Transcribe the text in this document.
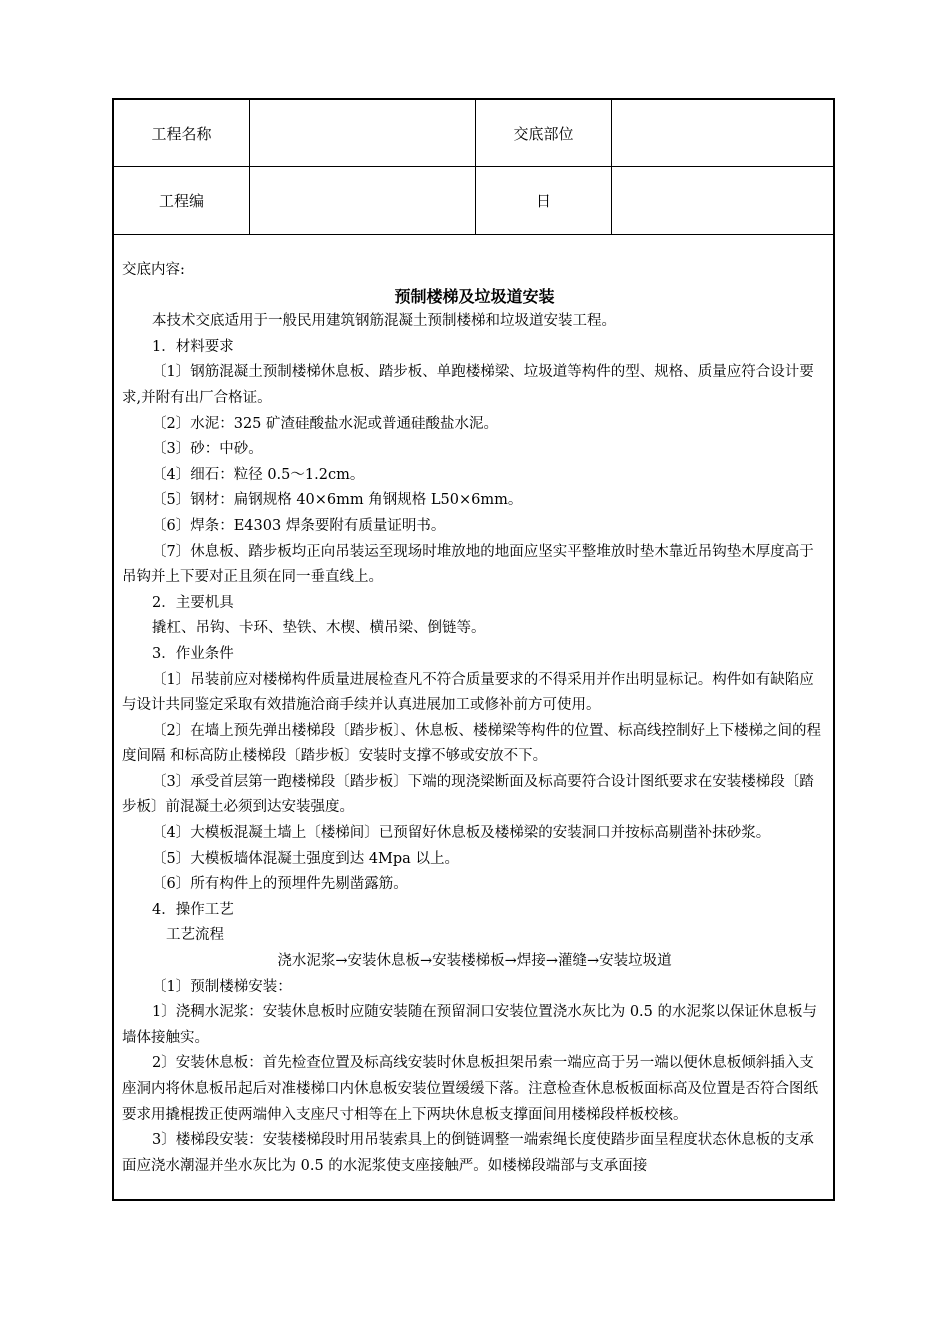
工程名称	交底部位
工程编	日

交底内容:

预制楼梯及垃圾道安装

本技术交底适用于一般民用建筑钢筋混凝土预制楼梯和垃圾道安装工程。

1．材料要求

〔1〕钢筋混凝土预制楼梯休息板、踏步板、单跑楼梯梁、垃圾道等构件的型、规格、质量应符合设计要求,并附有出厂合格证。

〔2〕水泥：325 矿渣硅酸盐水泥或普通硅酸盐水泥。

〔3〕砂：中砂。

〔4〕细石：粒径 0.5～1.2cm。

〔5〕钢材：扁钢规格 40×6mm 角钢规格 L50×6mm。

〔6〕焊条：E4303 焊条要附有质量证明书。

〔7〕休息板、踏步板均正向吊装运至现场时堆放地的地面应坚实平整堆放时垫木靠近吊钩垫木厚度高于吊钩并上下要对正且须在同一垂直线上。

2．主要机具

撬杠、吊钩、卡环、垫铁、木楔、横吊梁、倒链等。

3．作业条件

〔1〕吊装前应对楼梯构件质量进展检查凡不符合质量要求的不得采用并作出明显标记。构件如有缺陷应与设计共同鉴定采取有效措施洽商手续并认真进展加工或修补前方可使用。

〔2〕在墙上预先弹出楼梯段〔踏步板〕、休息板、楼梯梁等构件的位置、标高线控制好上下楼梯之间的程度间隔 和标高防止楼梯段〔踏步板〕安装时支撑不够或安放不下。

〔3〕承受首层第一跑楼梯段〔踏步板〕下端的现浇梁断面及标高要符合设计图纸要求在安装楼梯段〔踏步板〕前混凝土必须到达安装强度。

〔4〕大模板混凝土墙上〔楼梯间〕已预留好休息板及楼梯梁的安装洞口并按标高剔凿补抹砂浆。

〔5〕大模板墙体混凝土强度到达 4Mpa 以上。

〔6〕所有构件上的预埋件先剔凿露筋。

4．操作工艺

工艺流程

浇水泥浆→安装休息板→安装楼梯板→焊接→灌缝→安装垃圾道

〔1〕预制楼梯安装：

1〕浇稠水泥浆：安装休息板时应随安装随在预留洞口安装位置浇水灰比为 0.5 的水泥浆以保证休息板与墙体接触实。

2〕安装休息板：首先检查位置及标高线安装时休息板担架吊索一端应高于另一端以便休息板倾斜插入支座洞内将休息板吊起后对准楼梯口内休息板安装位置缓缓下落。注意检查休息板板面标高及位置是否符合图纸要求用撬棍拨正使两端伸入支座尺寸相等在上下两块休息板支撑面间用楼梯段样板校核。

3〕楼梯段安装：安装楼梯段时用吊装索具上的倒链调整一端索绳长度使踏步面呈程度状态休息板的支承面应浇水潮湿并坐水灰比为 0.5 的水泥浆使支座接触严。如楼梯段端部与支承面接
